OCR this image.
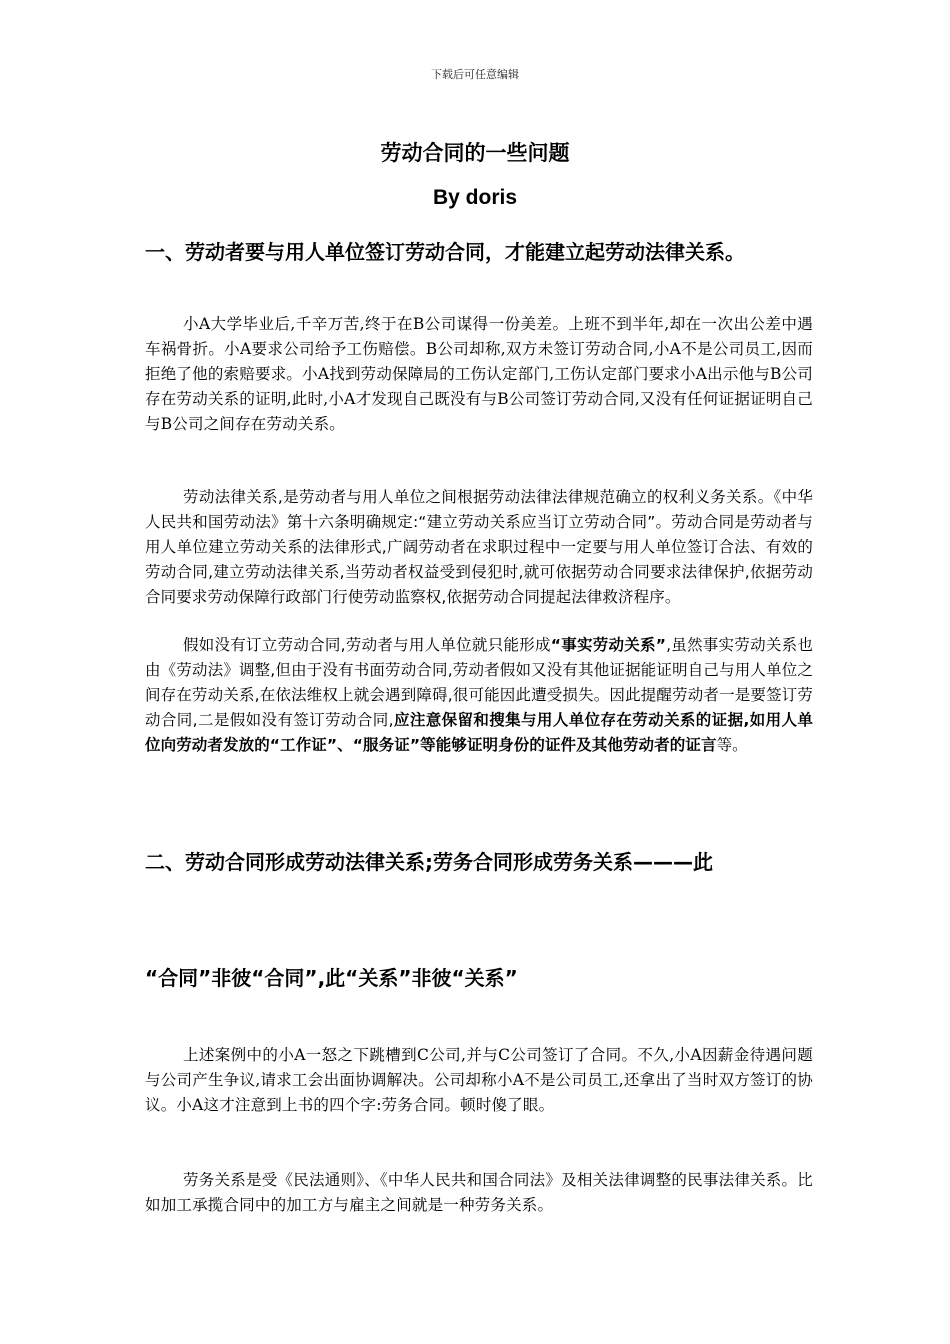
下载后可任意编辑
劳动合同的一些问题
By doris
一、劳动者要与用人单位签订劳动合同，才能建立起劳动法律关系。
小A大学毕业后,千辛万苦,终于在B公司谋得一份美差。上班不到半年,却在一次出公差中遇车祸骨折。小A要求公司给予工伤赔偿。B公司却称,双方未签订劳动合同,小A不是公司员工,因而拒绝了他的索赔要求。小A找到劳动保障局的工伤认定部门,工伤认定部门要求小A出示他与B公司存在劳动关系的证明,此时,小A才发现自己既没有与B公司签订劳动合同,又没有任何证据证明自己与B公司之间存在劳动关系。
劳动法律关系,是劳动者与用人单位之间根据劳动法律法律规范确立的权利义务关系。《中华人民共和国劳动法》第十六条明确规定:“建立劳动关系应当订立劳动合同”。劳动合同是劳动者与用人单位建立劳动关系的法律形式,广阔劳动者在求职过程中一定要与用人单位签订合法、有效的劳动合同,建立劳动法律关系,当劳动者权益受到侵犯时,就可依据劳动合同要求法律保护,依据劳动合同要求劳动保障行政部门行使劳动监察权,依据劳动合同提起法律救济程序。
假如没有订立劳动合同,劳动者与用人单位就只能形成“事实劳动关系”,虽然事实劳动关系也由《劳动法》调整,但由于没有书面劳动合同,劳动者假如又没有其他证据能证明自己与用人单位之间存在劳动关系,在依法维权上就会遇到障碍,很可能因此遭受损失。因此提醒劳动者一是要签订劳动合同,二是假如没有签订劳动合同,应注意保留和搜集与用人单位存在劳动关系的证据,如用人单位向劳动者发放的“工作证”、“服务证”等能够证明身份的证件及其他劳动者的证言等。
二、劳动合同形成劳动法律关系;劳务合同形成劳务关系———此
“合同”非彼“合同”,此“关系”非彼“关系”
上述案例中的小A一怒之下跳槽到C公司,并与C公司签订了合同。不久,小A因薪金待遇问题与公司产生争议,请求工会出面协调解决。公司却称小A不是公司员工,还拿出了当时双方签订的协议。小A这才注意到上书的四个字:劳务合同。顿时傻了眼。
劳务关系是受《民法通则》、《中华人民共和国合同法》及相关法律调整的民事法律关系。比如加工承揽合同中的加工方与雇主之间就是一种劳务关系。
